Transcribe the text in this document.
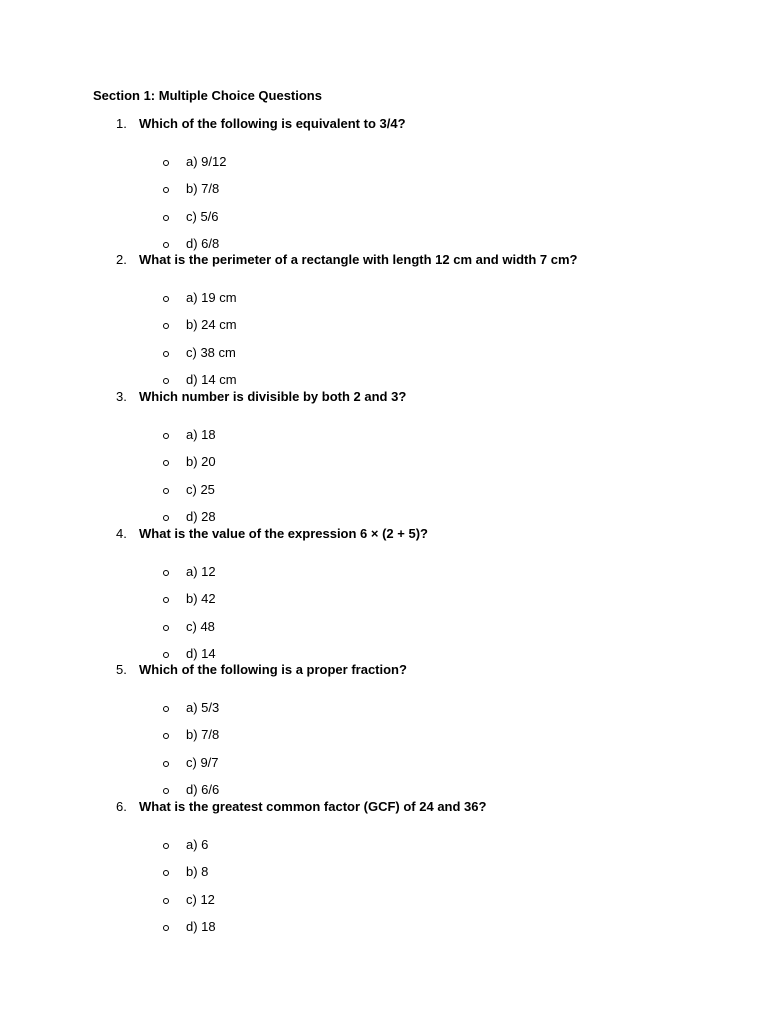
Section 1: Multiple Choice Questions
1. Which of the following is equivalent to 3/4?
a) 9/12
b) 7/8
c) 5/6
d) 6/8
2. What is the perimeter of a rectangle with length 12 cm and width 7 cm?
a) 19 cm
b) 24 cm
c) 38 cm
d) 14 cm
3. Which number is divisible by both 2 and 3?
a) 18
b) 20
c) 25
d) 28
4. What is the value of the expression 6 × (2 + 5)?
a) 12
b) 42
c) 48
d) 14
5. Which of the following is a proper fraction?
a) 5/3
b) 7/8
c) 9/7
d) 6/6
6. What is the greatest common factor (GCF) of 24 and 36?
a) 6
b) 8
c) 12
d) 18
